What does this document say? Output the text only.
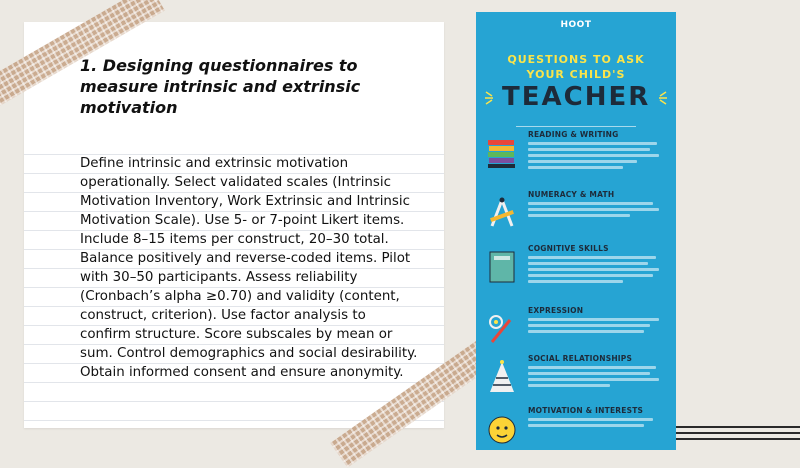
1. Designing questionnaires to measure intrinsic and extrinsic motivation

Define intrinsic and extrinsic motivation operationally. Select validated scales (Intrinsic Motivation Inventory, Work Extrinsic and Intrinsic Motivation Scale). Use 5- or 7-point Likert items. Include 8–15 items per construct, 20–30 total. Balance positively and reverse-coded items. Pilot with 30–50 participants. Assess reliability (Cronbach’s alpha ≥0.70) and validity (content, construct, criterion). Use factor analysis to confirm structure. Score subscales by mean or sum. Control demographics and social desirability. Obtain informed consent and ensure anonymity.

HOOT
QUESTIONS TO ASK
YOUR CHILD'S
TEACHER
READING & WRITING
NUMERACY & MATH
COGNITIVE SKILLS
EXPRESSION
SOCIAL RELATIONSHIPS
MOTIVATION & INTERESTS
